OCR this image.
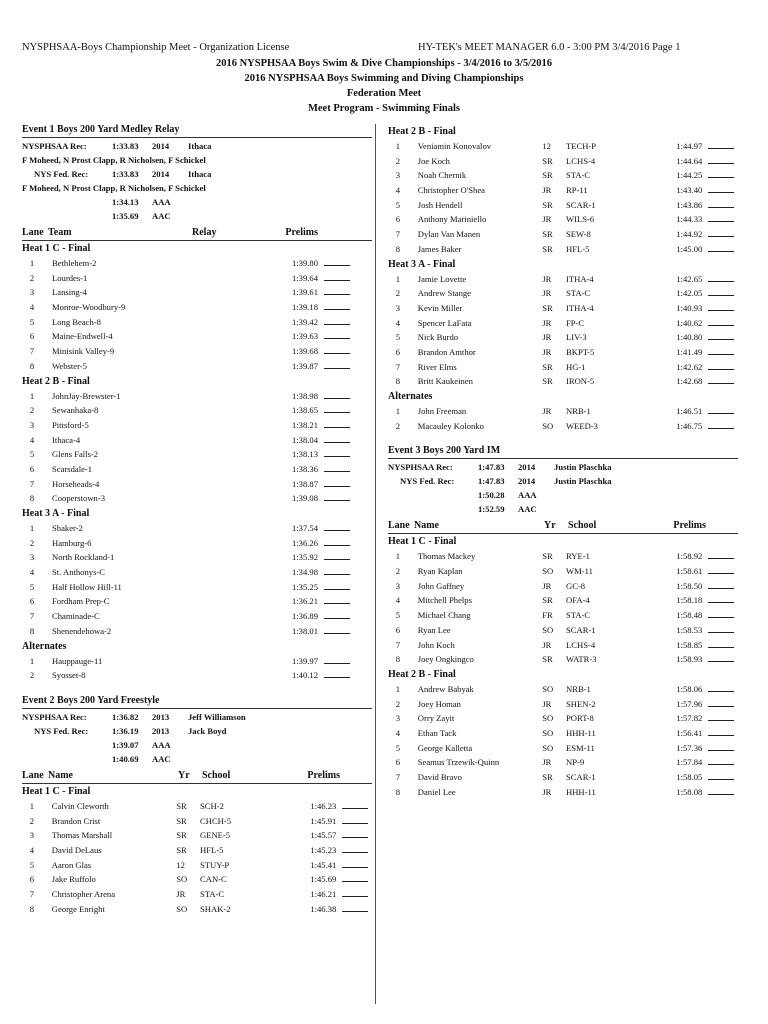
NYSPHSAA-Boys Championship Meet - Organization License	HY-TEK's MEET MANAGER 6.0 - 3:00 PM 3/4/2016 Page 1
2016 NYSPHSAA Boys Swim & Dive Championships - 3/4/2016 to 3/5/2016
2016 NYSPHSAA Boys Swimming and Diving Championships
Federation Meet
Meet Program - Swimming Finals
Event 1 Boys 200 Yard Medley Relay
NYSPHSAA Rec:	1:33.83	2014	Ithaca
F Moheed, N Prost Clapp, R Nicholsen, F Schickel
NYS Fed. Rec:	1:33.83	2014	Ithaca
F Moheed, N Prost Clapp, R Nicholsen, F Schickel
1:34.13	AAA
1:35.69	AAC
Lane Team	Relay	Prelims
Heat 1 C - Final
1	Bethlehem-2	1:39.80
2	Lourdes-1	1:39.64
3	Lansing-4	1:39.61
4	Monroe-Woodbury-9	1:39.18
5	Long Beach-8	1:39.42
6	Maine-Endwell-4	1:39.63
7	Minisink Valley-9	1:39.68
8	Webster-5	1:39.87
Heat 2 B - Final
1	JohnJay-Brewster-1	1:38.98
2	Sewanhaka-8	1:38.65
3	Pittsford-5	1:38.21
4	Ithaca-4	1:38.04
5	Glens Falls-2	1:38.13
6	Scarsdale-1	1:38.36
7	Horseheads-4	1:38.87
8	Cooperstown-3	1:39.08
Heat 3 A - Final
1	Shaker-2	1:37.54
2	Hamburg-6	1:36.26
3	North Rockland-1	1:35.92
4	St. Anthonys-C	1:34.98
5	Half Hollow Hill-11	1:35.25
6	Fordham Prep-C	1:36.21
7	Chaminade-C	1:36.89
8	Shenendehowa-2	1:38.01
Alternates
1	Hauppauge-11	1:39.97
2	Syosset-8	1:40.12
Event 2 Boys 200 Yard Freestyle
NYSPHSAA Rec:	1:36.82	2013	Jeff Williamson
NYS Fed. Rec:	1:36.19	2013	Jack Boyd
1:39.07	AAA
1:40.69	AAC
Lane Name	Yr	School	Prelims
Heat 1 C - Final
1	Calvin Cleworth	SR	SCH-2	1:46.23
2	Brandon Crist	SR	CHCH-5	1:45.91
3	Thomas Marshall	SR	GENE-5	1:45.57
4	David DeLaus	SR	HFL-5	1:45.23
5	Aaron Glas	12	STUY-P	1:45.41
6	Jake Ruffolo	SO	CAN-C	1:45.69
7	Christopher Arena	JR	STA-C	1:46.21
8	George Enright	SO	SHAK-2	1:46.38
Heat 2 B - Final
1	Veniamin Konovalov	12	TECH-P	1:44.97
2	Joe Koch	SR	LCHS-4	1:44.64
3	Noah Chernik	SR	STA-C	1:44.25
4	Christopher O'Shea	JR	RP-11	1:43.40
5	Josh Hendell	SR	SCAR-1	1:43.86
6	Anthony Mariniello	JR	WILS-6	1:44.33
7	Dylan Van Manen	SR	SEW-8	1:44.92
8	James Baker	SR	HFL-5	1:45.00
Heat 3 A - Final
1	Jamie Lovette	JR	ITHA-4	1:42.65
2	Andrew Stange	JR	STA-C	1:42.05
3	Kevin Miller	SR	ITHA-4	1:40.93
4	Spencer LaFata	JR	FP-C	1:40.62
5	Nick Burdo	JR	LIV-3	1:40.80
6	Brandon Amthor	JR	BKPT-5	1:41.49
7	River Elms	SR	HG-1	1:42.62
8	Britt Kaukeinen	SR	IRON-5	1:42.68
Alternates
1	John Freeman	JR	NRB-1	1:46.51
2	Macauley Kolonko	SO	WEED-3	1:46.75
Event 3 Boys 200 Yard IM
NYSPHSAA Rec:	1:47.83	2014	Justin Plaschka
NYS Fed. Rec:	1:47.83	2014	Justin Plaschka
1:50.28	AAA
1:52.59	AAC
Lane Name	Yr	School	Prelims
Heat 1 C - Final
1	Thomas Mackey	SR	RYE-1	1:58.92
2	Ryan Kaplan	SO	WM-11	1:58.61
3	John Gaffney	JR	GC-8	1:58.50
4	Mitchell Phelps	SR	OFA-4	1:58.18
5	Michael Chang	FR	STA-C	1:58.48
6	Ryan Lee	SO	SCAR-1	1:58.53
7	John Koch	JR	LCHS-4	1:58.85
8	Joey Ongkingco	SR	WATR-3	1:58.93
Heat 2 B - Final
1	Andrew Babyak	SO	NRB-1	1:58.06
2	Joey Homan	JR	SHEN-2	1:57.96
3	Orry Zayit	SO	PORT-8	1:57.82
4	Ethan Tack	SO	HHH-11	1:56.41
5	George Kalletta	SO	ESM-11	1:57.36
6	Seamus Trzewik-Quinn	JR	NP-9	1:57.84
7	David Bravo	SR	SCAR-1	1:58.05
8	Daniel Lee	JR	HHH-11	1:58.08
